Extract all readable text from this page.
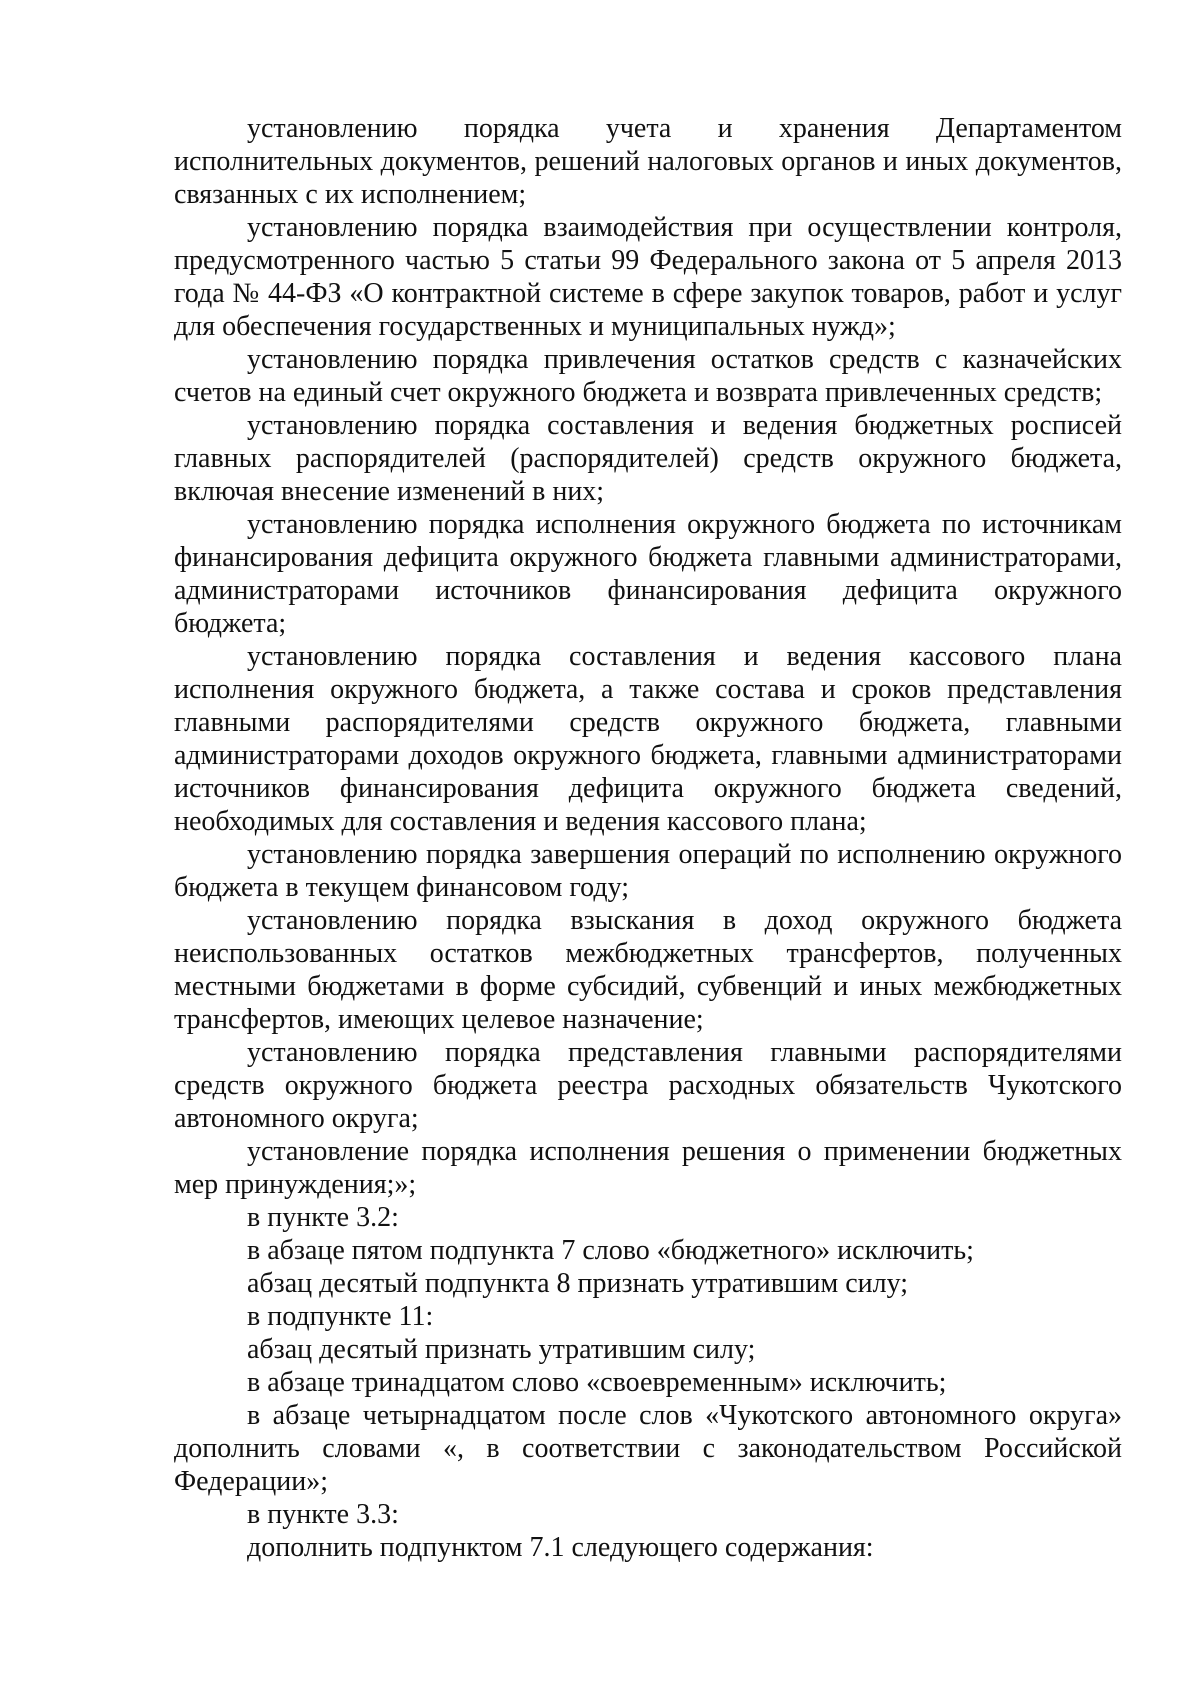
установлению порядка учета и хранения Департаментом исполнительных документов, решений налоговых органов и иных документов, связанных с их исполнением;

установлению порядка взаимодействия при осуществлении контроля, предусмотренного частью 5 статьи 99 Федерального закона от 5 апреля 2013 года № 44-ФЗ «О контрактной системе в сфере закупок товаров, работ и услуг для обеспечения государственных и муниципальных нужд»;

установлению порядка привлечения остатков средств с казначейских счетов на единый счет окружного бюджета и возврата привлеченных средств;

установлению порядка составления и ведения бюджетных росписей главных распорядителей (распорядителей) средств окружного бюджета, включая внесение изменений в них;

установлению порядка исполнения окружного бюджета по источникам финансирования дефицита окружного бюджета главными администраторами, администраторами источников финансирования дефицита окружного бюджета;

установлению порядка составления и ведения кассового плана исполнения окружного бюджета, а также состава и сроков представления главными распорядителями средств окружного бюджета, главными администраторами доходов окружного бюджета, главными администраторами источников финансирования дефицита окружного бюджета сведений, необходимых для составления и ведения кассового плана;

установлению порядка завершения операций по исполнению окружного бюджета в текущем финансовом году;

установлению порядка взыскания в доход окружного бюджета неиспользованных остатков межбюджетных трансфертов, полученных местными бюджетами в форме субсидий, субвенций и иных межбюджетных трансфертов, имеющих целевое назначение;

установлению порядка представления главными распорядителями средств окружного бюджета реестра расходных обязательств Чукотского автономного округа;

установление порядка исполнения решения о применении бюджетных мер принуждения;»;

в пункте 3.2:

в абзаце пятом подпункта 7 слово «бюджетного» исключить;

абзац десятый подпункта 8 признать утратившим силу;

в подпункте 11:

абзац десятый признать утратившим силу;

в абзаце тринадцатом слово «своевременным» исключить;

в абзаце четырнадцатом после слов «Чукотского автономного округа» дополнить словами «, в соответствии с законодательством Российской Федерации»;

в пункте 3.3:

дополнить подпунктом 7.1 следующего содержания:
